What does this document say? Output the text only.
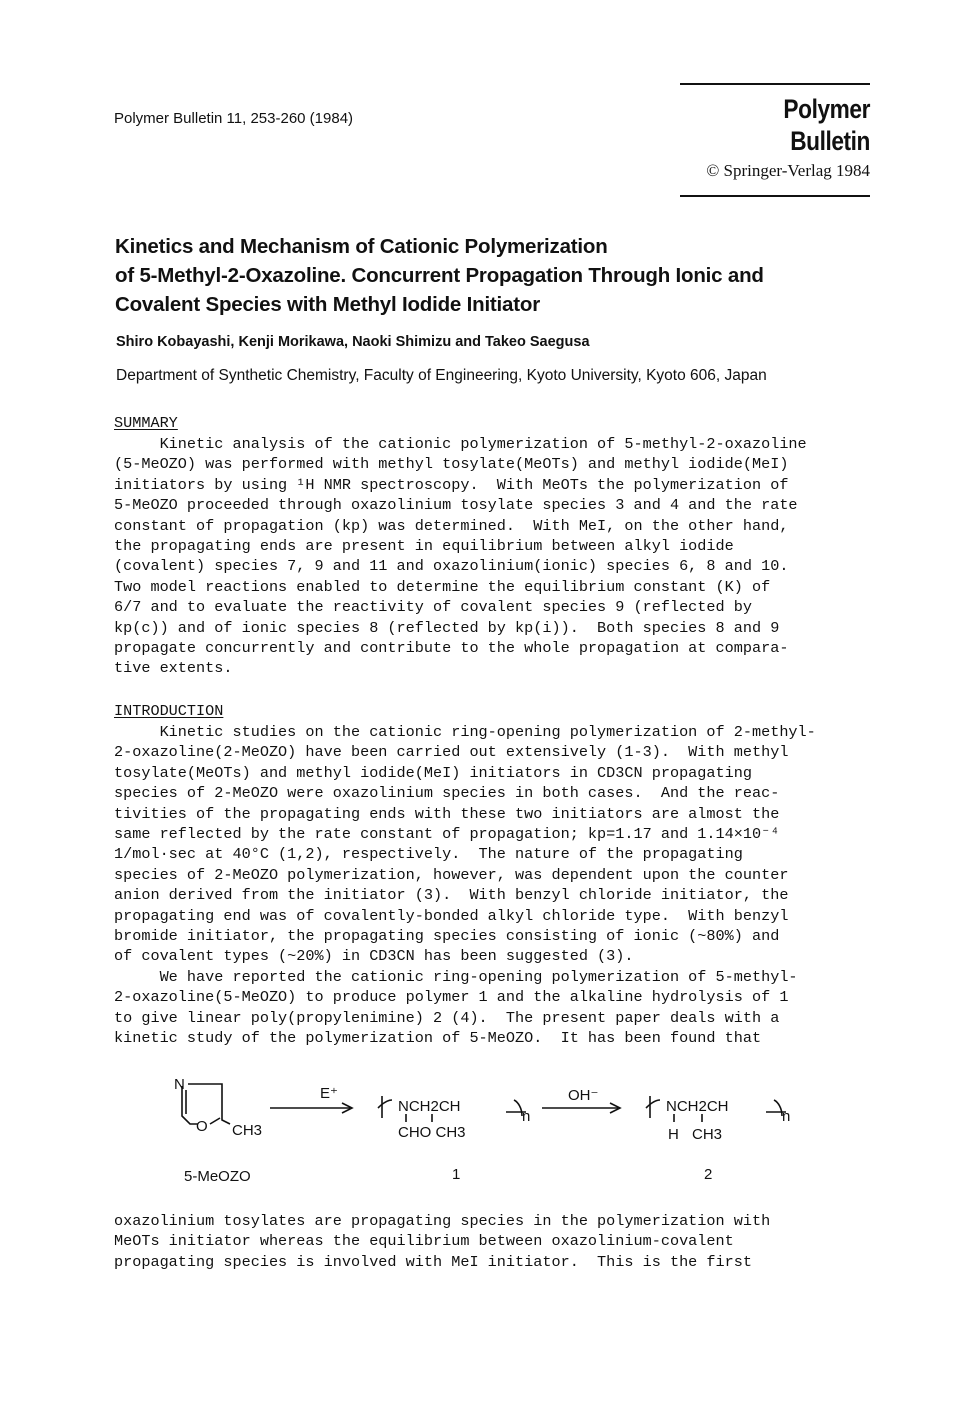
Polymer Bulletin 11, 253-260 (1984)	Polymer Bulletin
© Springer-Verlag 1984
Kinetics and Mechanism of Cationic Polymerization
of 5-Methyl-2-Oxazoline. Concurrent Propagation Through Ionic and
Covalent Species with Methyl Iodide Initiator
Shiro Kobayashi, Kenji Morikawa, Naoki Shimizu and Takeo Saegusa
Department of Synthetic Chemistry, Faculty of Engineering, Kyoto University, Kyoto 606, Japan
SUMMARY
Kinetic analysis of the cationic polymerization of 5-methyl-2-oxazoline
(5-MeOZO) was performed with methyl tosylate(MeOTs) and methyl iodide(MeI)
initiators by using ¹H NMR spectroscopy.  With MeOTs the polymerization of
5-MeOZO proceeded through oxazolinium tosylate species 3 and 4 and the rate
constant of propagation (kp) was determined.  With MeI, on the other hand,
the propagating ends are present in equilibrium between alkyl iodide
(covalent) species 7, 9 and 11 and oxazolinium(ionic) species 6, 8 and 10.
Two model reactions enabled to determine the equilibrium constant (K) of
6/7 and to evaluate the reactivity of covalent species 9 (reflected by
kp(c)) and of ionic species 8 (reflected by kp(i)).  Both species 8 and 9
propagate concurrently and contribute to the whole propagation at compara-
tive extents.
INTRODUCTION
Kinetic studies on the cationic ring-opening polymerization of 2-methyl-
2-oxazoline(2-MeOZO) have been carried out extensively (1-3).  With methyl
tosylate(MeOTs) and methyl iodide(MeI) initiators in CD3CN propagating
species of 2-MeOZO were oxazolinium species in both cases.  And the reac-
tivities of the propagating ends with these two initiators are almost the
same reflected by the rate constant of propagation; kp=1.17 and 1.14×10⁻⁴
1/mol·sec at 40°C (1,2), respectively.  The nature of the propagating
species of 2-MeOZO polymerization, however, was dependent upon the counter
anion derived from the initiator (3).  With benzyl chloride initiator, the
propagating end was of covalently-bonded alkyl chloride type.  With benzyl
bromide initiator, the propagating species consisting of ionic (~80%) and
of covalent types (~20%) in CD3CN has been suggested (3).
We have reported the cationic ring-opening polymerization of 5-methyl-
2-oxazoline(5-MeOZO) to produce polymer 1 and the alkaline hydrolysis of 1
to give linear poly(propylenimine) 2 (4).  The present paper deals with a
kinetic study of the polymerization of 5-MeOZO.  It has been found that
N
O CH3
E⁺
NCH2CH
n
CHO CH3
OH⁻
NCH2CH
n
H CH3
5-MeOZO	1	2
oxazolinium tosylates are propagating species in the polymerization with
MeOTs initiator whereas the equilibrium between oxazolinium-covalent
propagating species is involved with MeI initiator.  This is the first
